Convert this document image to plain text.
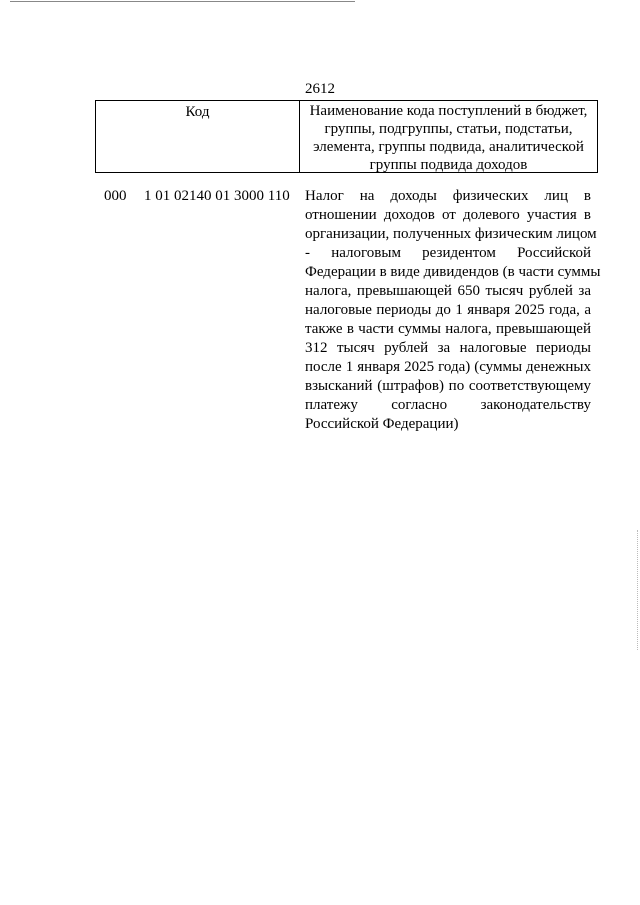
2612
Код	Наименование кода поступлений в бюджет,
группы, подгруппы, статьи, подстатьи,
элемента, группы подвида, аналитической
группы подвида доходов
000 1 01 02140 01 3000 110 Налог на доходы физических лиц в
отношении доходов от долевого участия в
организации, полученных физическим лицом
- налоговым резидентом Российской
Федерации в виде дивидендов (в части суммы
налога, превышающей 650 тысяч рублей за
налоговые периоды до 1 января 2025 года, а
также в части суммы налога, превышающей
312 тысяч рублей за налоговые периоды
после 1 января 2025 года) (суммы денежных
взысканий (штрафов) по соответствующему
платежу согласно законодательству
Российской Федерации)
